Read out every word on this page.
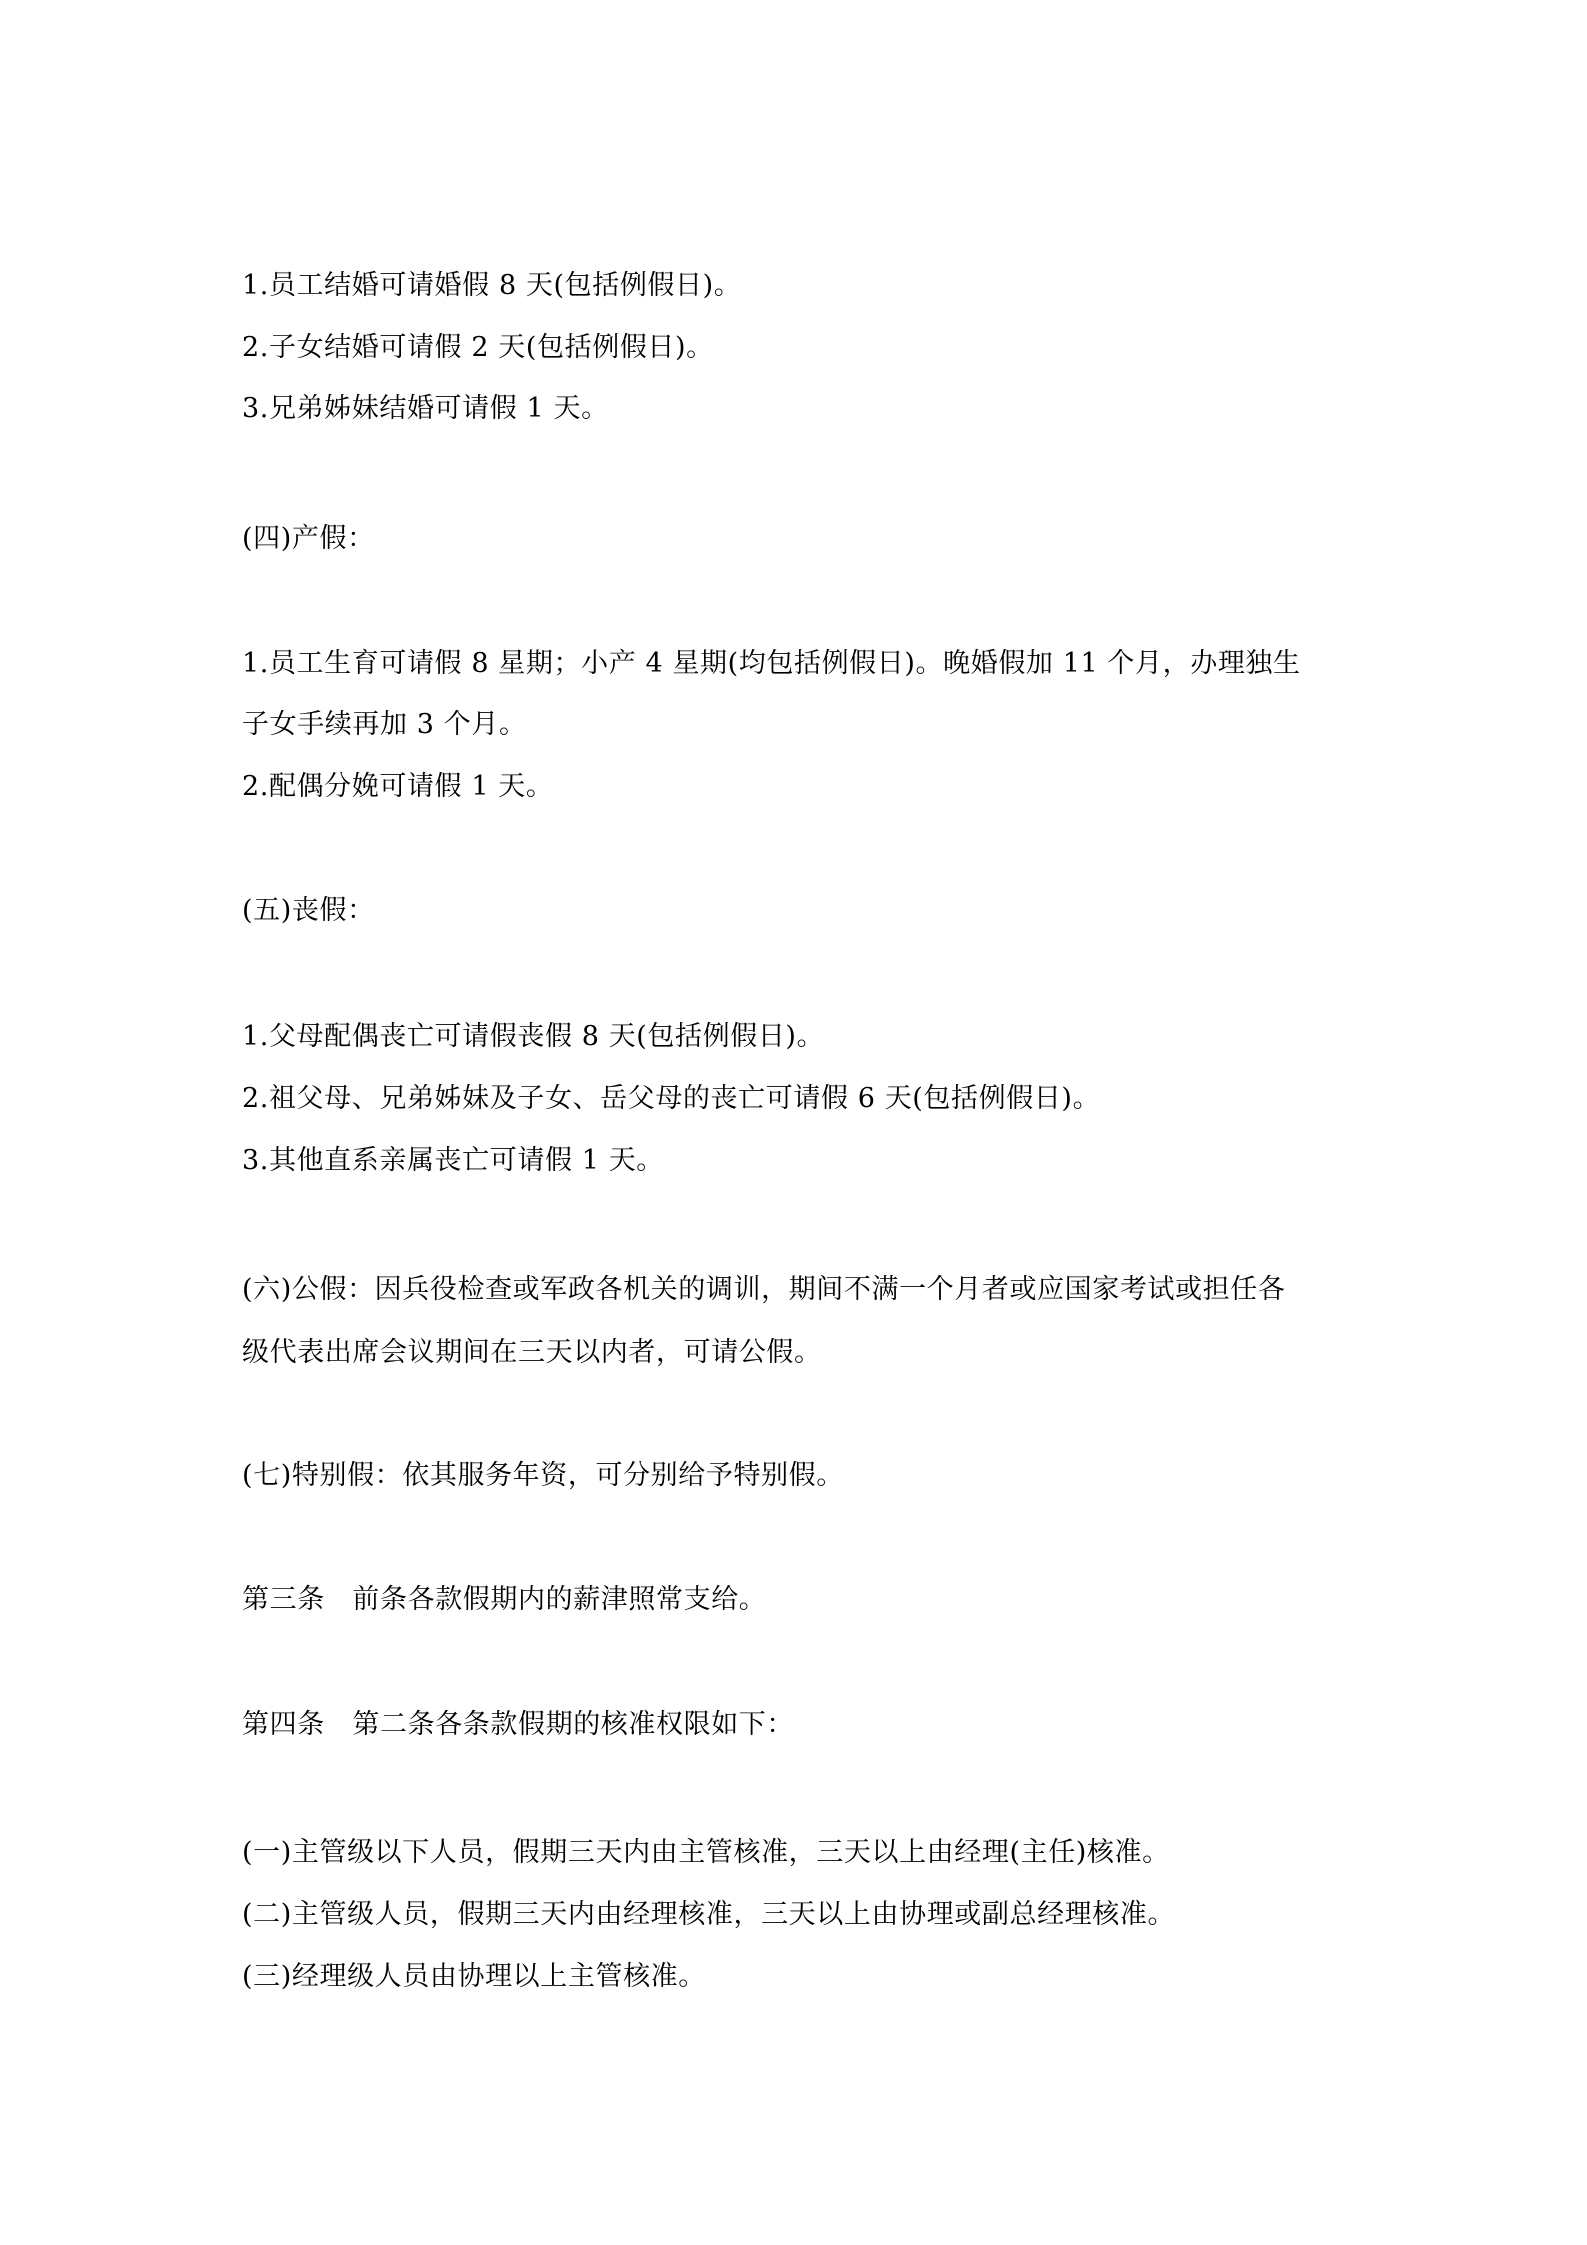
1.员工结婚可请婚假 8 天(包括例假日)。
2.子女结婚可请假 2 天(包括例假日)。
3.兄弟姊妹结婚可请假 1 天。
(四)产假：
1.员工生育可请假 8 星期；小产 4 星期(均包括例假日)。晚婚假加 11 个月，办理独生
子女手续再加 3 个月。
2.配偶分娩可请假 1 天。
(五)丧假：
1.父母配偶丧亡可请假丧假 8 天(包括例假日)。
2.祖父母、兄弟姊妹及子女、岳父母的丧亡可请假 6 天(包括例假日)。
3.其他直系亲属丧亡可请假 1 天。
(六)公假：因兵役检查或军政各机关的调训，期间不满一个月者或应国家考试或担任各
级代表出席会议期间在三天以内者，可请公假。
(七)特别假：依其服务年资，可分别给予特别假。
第三条　前条各款假期内的薪津照常支给。
第四条　第二条各条款假期的核准权限如下：
(一)主管级以下人员，假期三天内由主管核准，三天以上由经理(主任)核准。
(二)主管级人员，假期三天内由经理核准，三天以上由协理或副总经理核准。
(三)经理级人员由协理以上主管核准。
